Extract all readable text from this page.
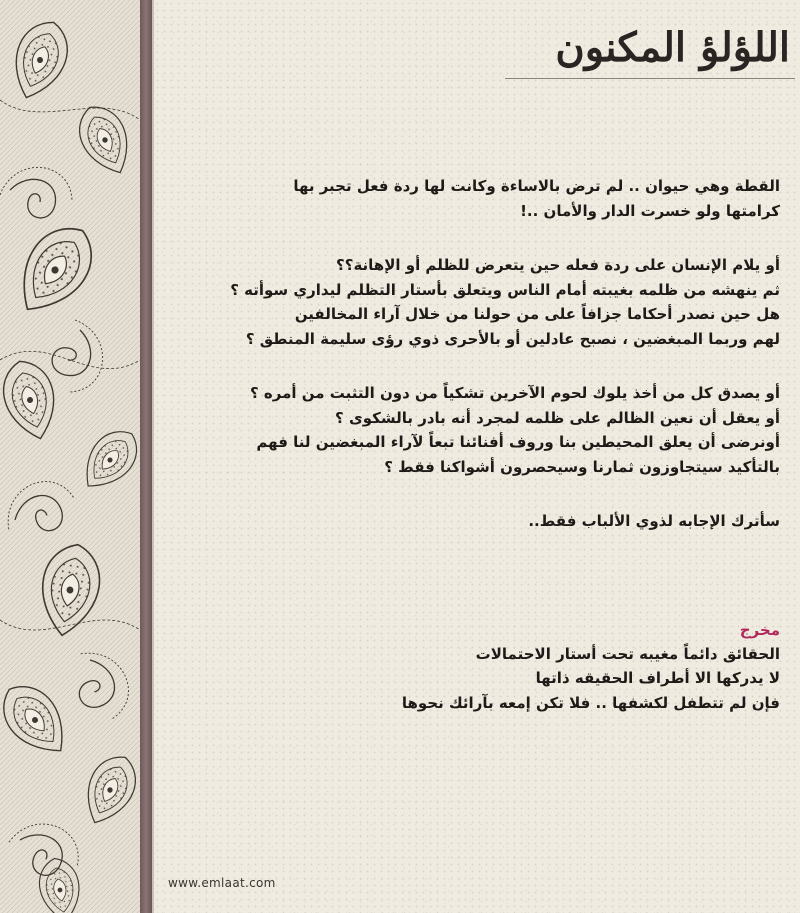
اللؤلؤ المكنون
القطة وهي حيوان .. لم ترض بالاساءة وكانت لها ردة فعل تجبر بها
كرامتها ولو خسرت الدار والأمان ..!
أو يلام الإنسان على ردة فعله حين يتعرض للظلم أو الإهانة؟؟
ثم ينهشه من ظلمه بغيبته أمام الناس ويتعلق بأستار التظلم ليداري سوأته ؟
هل حين نصدر أحكاما جزافاً على من حولنا من خلال آراء المخالفين
لهم وربما المبغضين ، نصبح عادلين أو بالأحرى ذوي رؤى سليمة المنطق ؟
أو يصدق كل من أخذ يلوك لحوم الآخرين تشكياً من دون التثبت من أمره ؟
أو يعقل أن نعين الظالم على ظلمه لمجرد أنه بادر بالشكوى ؟
أونرضى أن يعلق المحيطين بنا وروف أفنائنا تبعاً لآراء المبغضين لنا فهم
بالتأكيد سيتجاوزون ثمارنا وسيحصرون أشواكنا فقط ؟
سأترك الإجابه لذوي الألباب فقط..
مخرج
الحقائق دائماً مغيبه تحت أستار الاحتمالات
لا يدركها الا أطراف الحقيقه ذاتها
فإن لم تتطفل لكشفها .. فلا تكن إمعه بآرائك نحوها
www.emlaat.com
